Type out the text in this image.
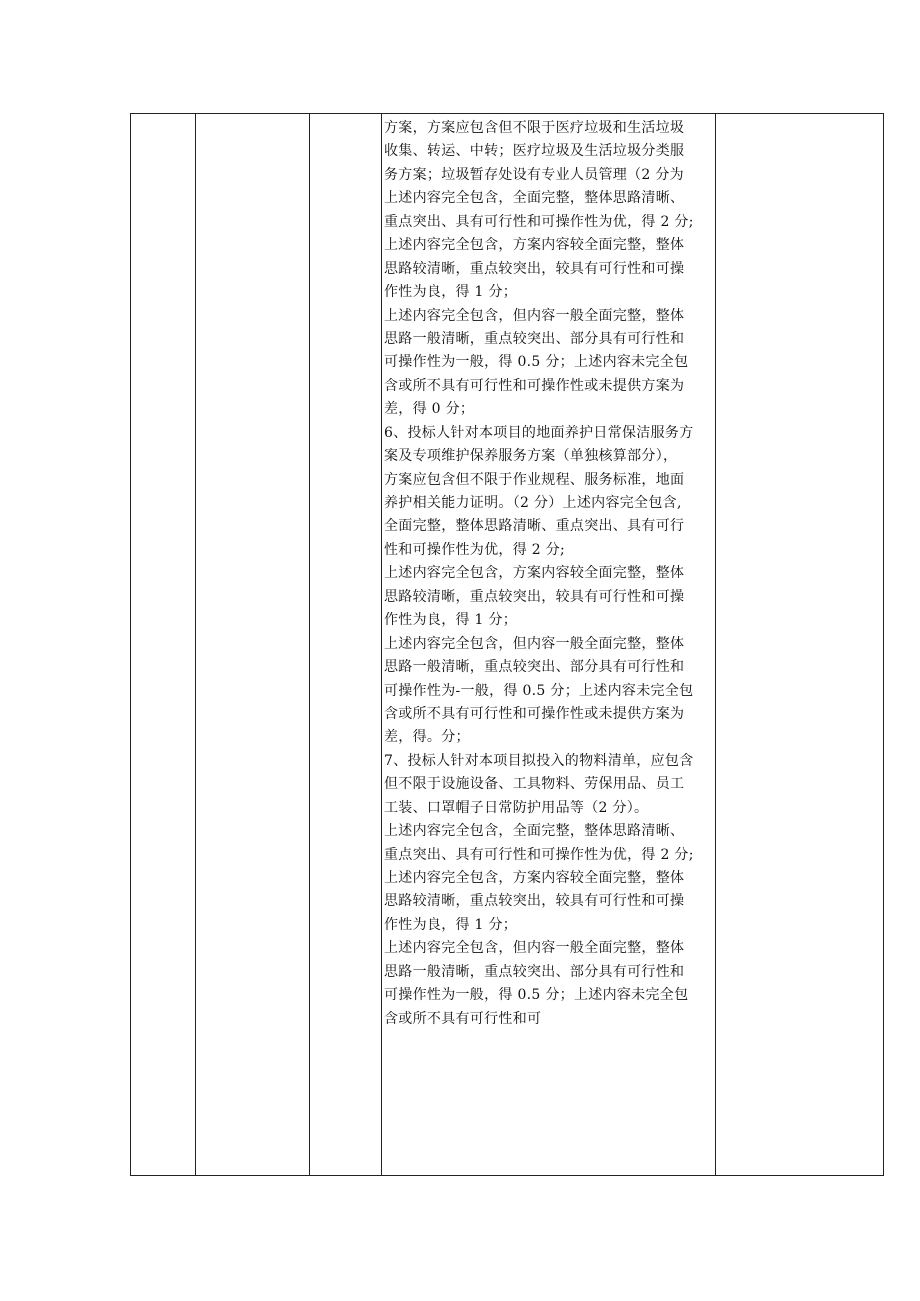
方案，方案应包含但不限于医疗垃圾和生活垃圾
收集、转运、中转；医疗垃圾及生活垃圾分类服
务方案；垃圾暂存处设有专业人员管理（2 分为
上述内容完全包含，全面完整，整体思路清晰、
重点突出、具有可行性和可操作性为优，得 2 分;
上述内容完全包含，方案内容较全面完整，整体
思路较清晰，重点较突出，较具有可行性和可操
作性为良，得 1 分；
上述内容完全包含，但内容一般全面完整，整体
思路一般清晰，重点较突出、部分具有可行性和
可操作性为一般，得 0.5 分；上述内容未完全包
含或所不具有可行性和可操作性或未提供方案为
差，得 0 分；
6、投标人针对本项目的地面养护日常保洁服务方
案及专项维护保养服务方案（单独核算部分），
方案应包含但不限于作业规程、服务标准，地面
养护相关能力证明。（2 分）上述内容完全包含,
全面完整，整体思路清晰、重点突出、具有可行
性和可操作性为优，得 2 分;
上述内容完全包含，方案内容较全面完整，整体
思路较清晰，重点较突出，较具有可行性和可操
作性为良，得 1 分；
上述内容完全包含，但内容一般全面完整，整体
思路一般清晰，重点较突出、部分具有可行性和
可操作性为-一般，得 0.5 分；上述内容未完全包
含或所不具有可行性和可操作性或未提供方案为
差，得。分；
7、投标人针对本项目拟投入的物料清单，应包含
但不限于设施设备、工具物料、劳保用品、员工
工装、口罩帽子日常防护用品等（2 分）。
上述内容完全包含，全面完整，整体思路清晰、
重点突出、具有可行性和可操作性为优，得 2 分;
上述内容完全包含，方案内容较全面完整，整体
思路较清晰，重点较突出，较具有可行性和可操
作性为良，得 1 分；
上述内容完全包含，但内容一般全面完整，整体
思路一般清晰，重点较突出、部分具有可行性和
可操作性为一般，得 0.5 分；上述内容未完全包
含或所不具有可行性和可
